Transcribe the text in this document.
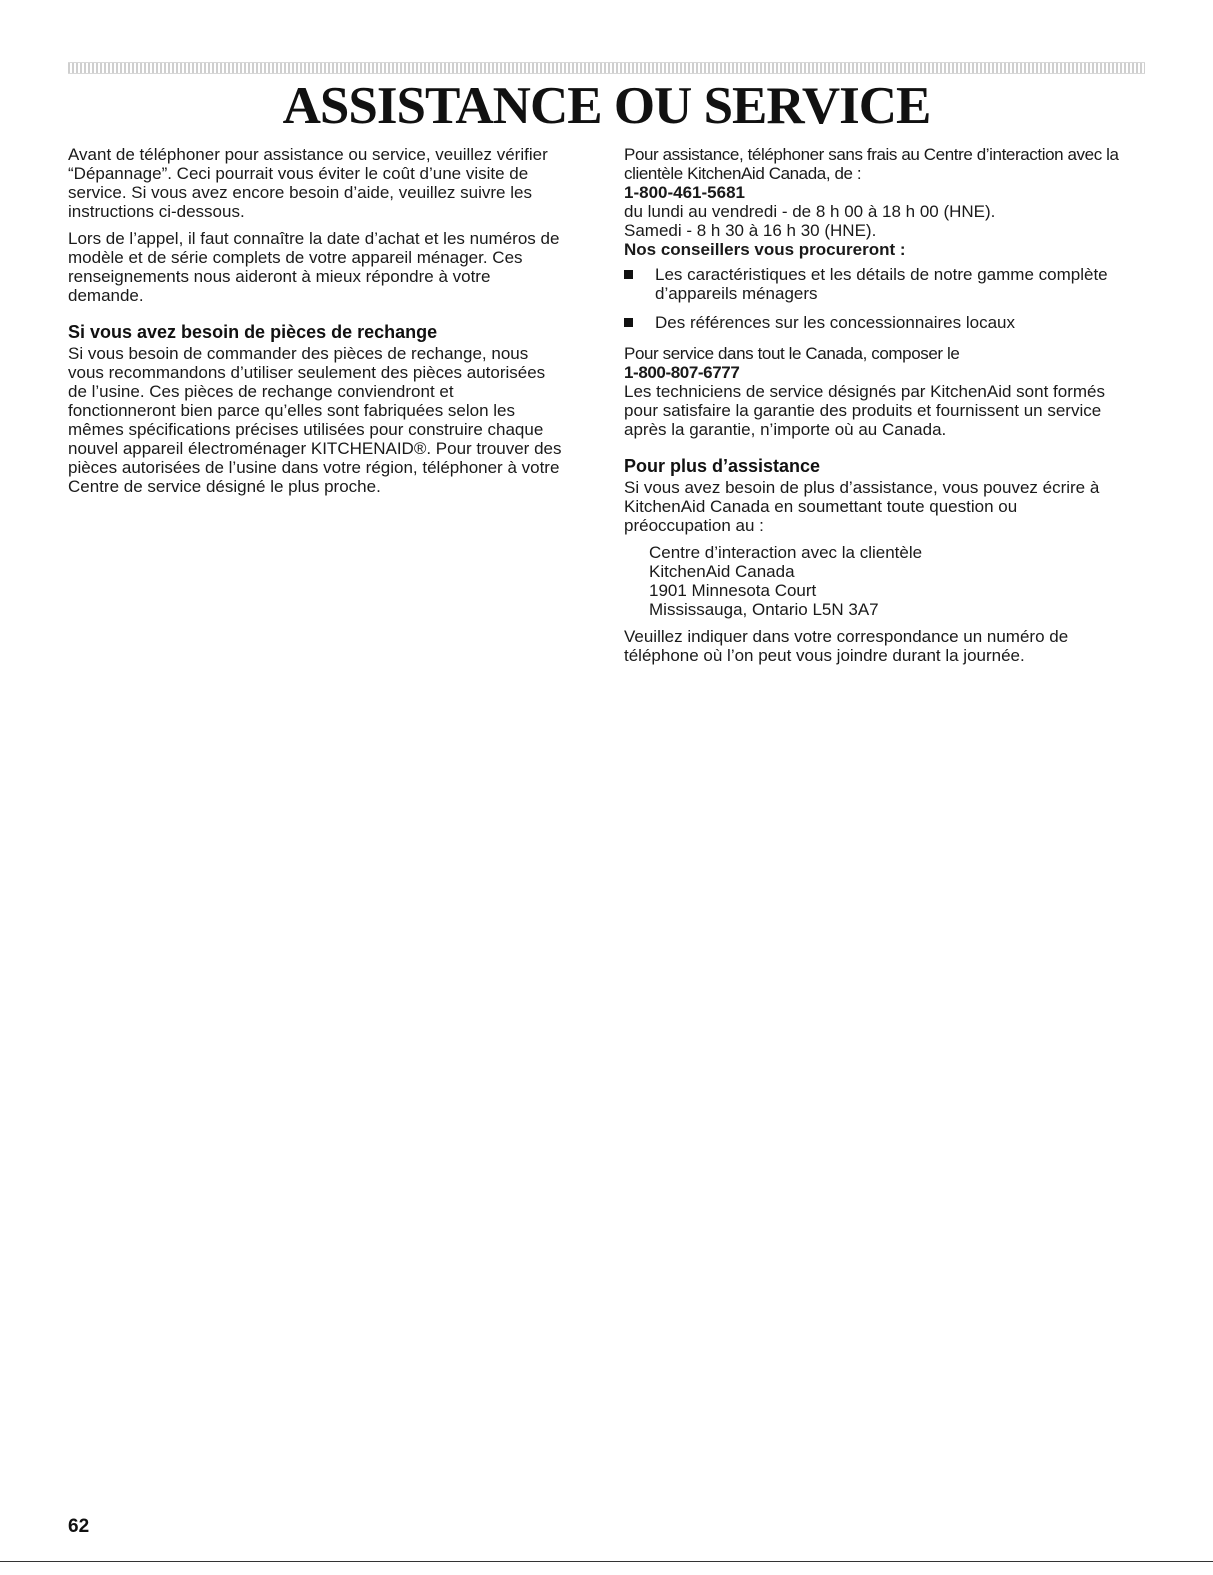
ASSISTANCE OU SERVICE

Avant de téléphoner pour assistance ou service, veuillez vérifier
“Dépannage”. Ceci pourrait vous éviter le coût d’une visite de
service. Si vous avez encore besoin d’aide, veuillez suivre les
instructions ci-dessous.

Lors de l’appel, il faut connaître la date d’achat et les numéros de
modèle et de série complets de votre appareil ménager. Ces
renseignements nous aideront à mieux répondre à votre
demande.

Si vous avez besoin de pièces de rechange

Si vous besoin de commander des pièces de rechange, nous
vous recommandons d’utiliser seulement des pièces autorisées
de l’usine. Ces pièces de rechange conviendront et
fonctionneront bien parce qu’elles sont fabriquées selon les
mêmes spécifications précises utilisées pour construire chaque
nouvel appareil électroménager KITCHENAID®. Pour trouver des
pièces autorisées de l’usine dans votre région, téléphoner à votre
Centre de service désigné le plus proche.

Pour assistance, téléphoner sans frais au Centre d’interaction avec la
clientèle KitchenAid Canada, de :
1-800-461-5681
du lundi au vendredi - de 8 h 00 à 18 h 00 (HNE).
Samedi - 8 h 30 à 16 h 30 (HNE).
Nos conseillers vous procureront :

Les caractéristiques et les détails de notre gamme complète d’appareils ménagers
Des références sur les concessionnaires locaux

Pour service dans tout le Canada, composer le
1-800-807-6777
Les techniciens de service désignés par KitchenAid sont formés
pour satisfaire la garantie des produits et fournissent un service
après la garantie, n’importe où au Canada.

Pour plus d’assistance

Si vous avez besoin de plus d’assistance, vous pouvez écrire à
KitchenAid Canada en soumettant toute question ou
préoccupation au :

Centre d’interaction avec la clientèle
KitchenAid Canada
1901 Minnesota Court
Mississauga, Ontario L5N 3A7

Veuillez indiquer dans votre correspondance un numéro de
téléphone où l’on peut vous joindre durant la journée.

62
